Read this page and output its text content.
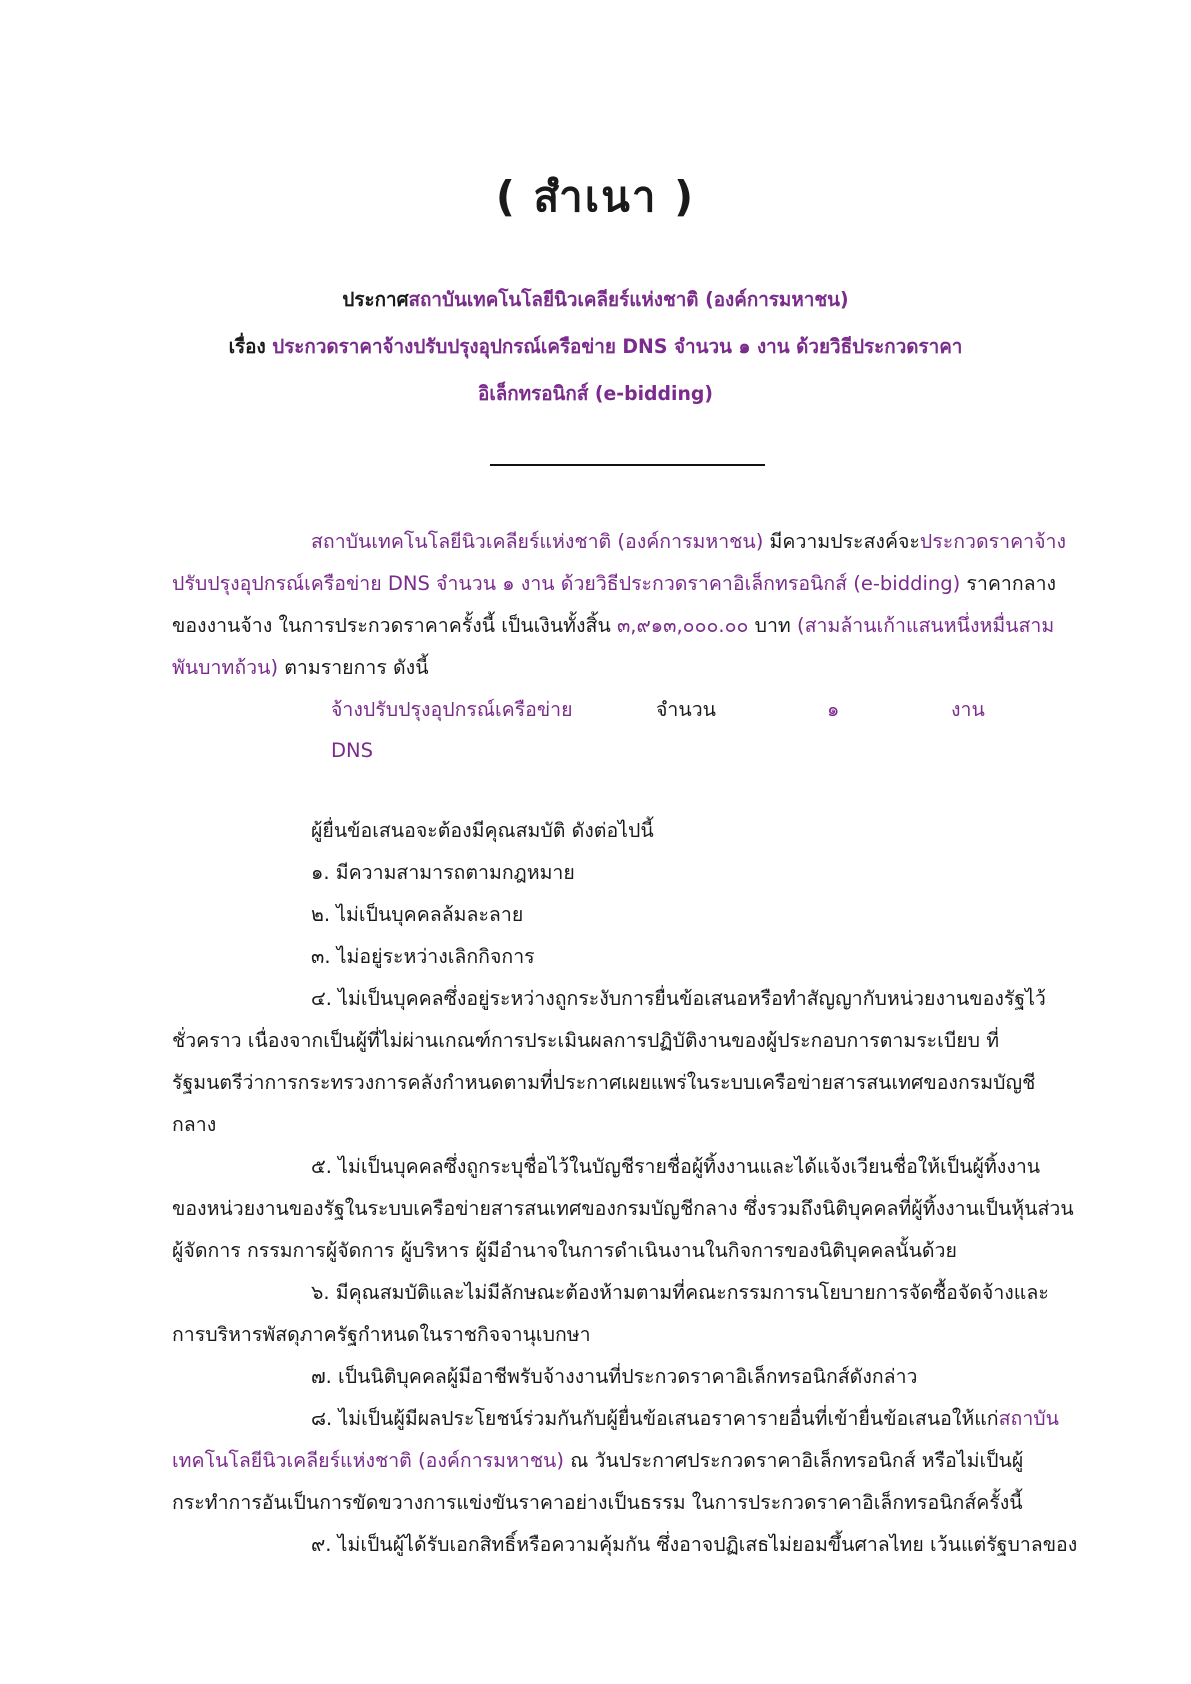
( สำเนา )
ประกาศสถาบันเทคโนโลยีนิวเคลียร์แห่งชาติ (องค์การมหาชน)
เรื่อง ประกวดราคาจ้างปรับปรุงอุปกรณ์เครือข่าย DNS จำนวน ๑ งาน ด้วยวิธีประกวดราคา
อิเล็กทรอนิกส์ (e-bidding)
สถาบันเทคโนโลยีนิวเคลียร์แห่งชาติ (องค์การมหาชน) มีความประสงค์จะประกวดราคาจ้าง
ปรับปรุงอุปกรณ์เครือข่าย DNS จำนวน ๑ งาน ด้วยวิธีประกวดราคาอิเล็กทรอนิกส์ (e-bidding) ราคากลาง
ของงานจ้าง ในการประกวดราคาครั้งนี้ เป็นเงินทั้งสิ้น ๓,๙๑๓,๐๐๐.๐๐ บาท (สามล้านเก้าแสนหนึ่งหมื่นสาม
พันบาทถ้วน) ตามรายการ ดังนี้
จ้างปรับปรุงอุปกรณ์เครือข่าย
DNS
จำนวน	๑	งาน
ผู้ยื่นข้อเสนอจะต้องมีคุณสมบัติ ดังต่อไปนี้
๑. มีความสามารถตามกฎหมาย
๒. ไม่เป็นบุคคลล้มละลาย
๓. ไม่อยู่ระหว่างเลิกกิจการ
๔. ไม่เป็นบุคคลซึ่งอยู่ระหว่างถูกระงับการยื่นข้อเสนอหรือทำสัญญากับหน่วยงานของรัฐไว้
ชั่วคราว เนื่องจากเป็นผู้ที่ไม่ผ่านเกณฑ์การประเมินผลการปฏิบัติงานของผู้ประกอบการตามระเบียบ ที่
รัฐมนตรีว่าการกระทรวงการคลังกำหนดตามที่ประกาศเผยแพร่ในระบบเครือข่ายสารสนเทศของกรมบัญชี
กลาง
๕. ไม่เป็นบุคคลซึ่งถูกระบุชื่อไว้ในบัญชีรายชื่อผู้ทิ้งงานและได้แจ้งเวียนชื่อให้เป็นผู้ทิ้งงาน
ของหน่วยงานของรัฐในระบบเครือข่ายสารสนเทศของกรมบัญชีกลาง ซึ่งรวมถึงนิติบุคคลที่ผู้ทิ้งงานเป็นหุ้นส่วน
ผู้จัดการ กรรมการผู้จัดการ ผู้บริหาร ผู้มีอำนาจในการดำเนินงานในกิจการของนิติบุคคลนั้นด้วย
๖. มีคุณสมบัติและไม่มีลักษณะต้องห้ามตามที่คณะกรรมการนโยบายการจัดซื้อจัดจ้างและ
การบริหารพัสดุภาครัฐกำหนดในราชกิจจานุเบกษา
๗. เป็นนิติบุคคลผู้มีอาชีพรับจ้างงานที่ประกวดราคาอิเล็กทรอนิกส์ดังกล่าว
๘. ไม่เป็นผู้มีผลประโยชน์ร่วมกันกับผู้ยื่นข้อเสนอราคารายอื่นที่เข้ายื่นข้อเสนอให้แก่สถาบัน
เทคโนโลยีนิวเคลียร์แห่งชาติ (องค์การมหาชน) ณ วันประกาศประกวดราคาอิเล็กทรอนิกส์ หรือไม่เป็นผู้
กระทำการอันเป็นการขัดขวางการแข่งขันราคาอย่างเป็นธรรม ในการประกวดราคาอิเล็กทรอนิกส์ครั้งนี้
๙. ไม่เป็นผู้ได้รับเอกสิทธิ์หรือความคุ้มกัน ซึ่งอาจปฏิเสธไม่ยอมขึ้นศาลไทย เว้นแต่รัฐบาลของ
